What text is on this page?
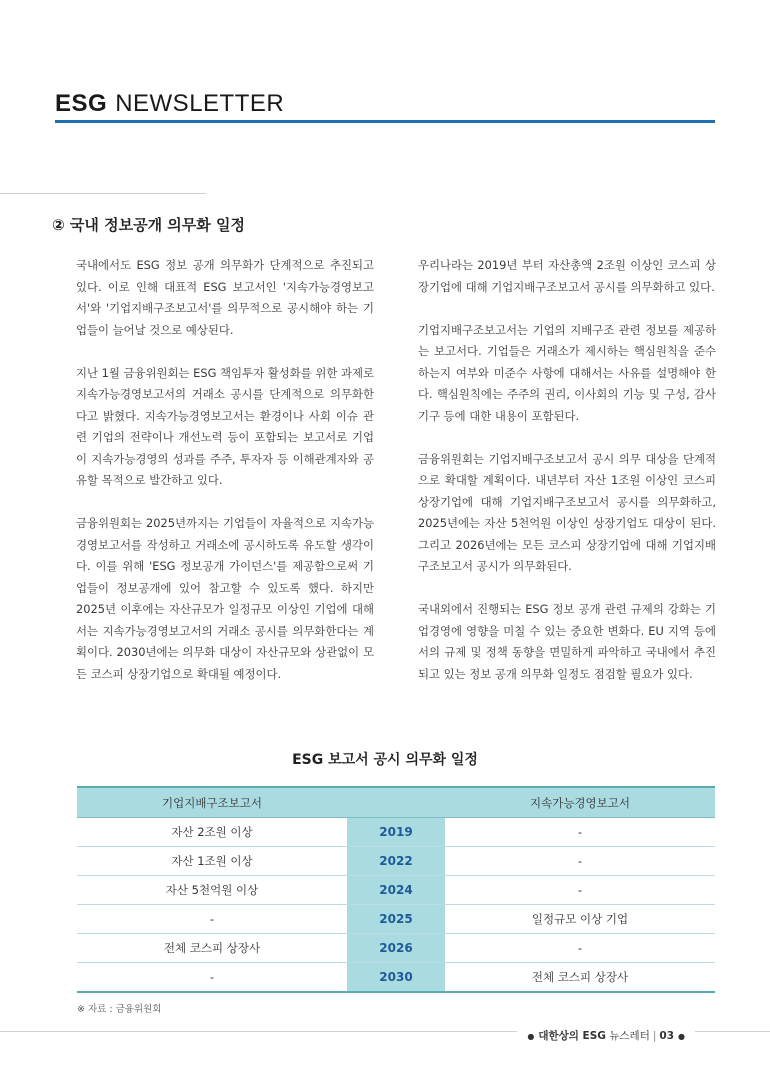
ESG NEWSLETTER
② 국내 정보공개 의무화 일정

국내에서도 ESG 정보 공개 의무화가 단계적으로 추진되고 있다. 이로 인해 대표적 ESG 보고서인 '지속가능경영보고서'와 '기업지배구조보고서'를 의무적으로 공시해야 하는 기업들이 늘어날 것으로 예상된다.

지난 1월 금융위원회는 ESG 책임투자 활성화를 위한 과제로 지속가능경영보고서의 거래소 공시를 단계적으로 의무화한다고 밝혔다. 지속가능경영보고서는 환경이나 사회 이슈 관련 기업의 전략이나 개선노력 등이 포함되는 보고서로 기업이 지속가능경영의 성과를 주주, 투자자 등 이해관계자와 공유할 목적으로 발간하고 있다.

금융위원회는 2025년까지는 기업들이 자율적으로 지속가능경영보고서를 작성하고 거래소에 공시하도록 유도할 생각이다. 이를 위해 'ESG 정보공개 가이던스'를 제공함으로써 기업들이 정보공개에 있어 참고할 수 있도록 했다. 하지만 2025년 이후에는 자산규모가 일정규모 이상인 기업에 대해서는 지속가능경영보고서의 거래소 공시를 의무화한다는 계획이다. 2030년에는 의무화 대상이 자산규모와 상관없이 모든 코스피 상장기업으로 확대될 예정이다.

우리나라는 2019년 부터 자산총액 2조원 이상인 코스피 상장기업에 대해 기업지배구조보고서 공시를 의무화하고 있다.

기업지배구조보고서는 기업의 지배구조 관련 정보를 제공하는 보고서다. 기업들은 거래소가 제시하는 핵심원칙을 준수하는지 여부와 미준수 사항에 대해서는 사유를 설명해야 한다. 핵심원칙에는 주주의 권리, 이사회의 기능 및 구성, 감사기구 등에 대한 내용이 포함된다.

금융위원회는 기업지배구조보고서 공시 의무 대상을 단계적으로 확대할 계획이다. 내년부터 자산 1조원 이상인 코스피 상장기업에 대해 기업지배구조보고서 공시를 의무화하고, 2025년에는 자산 5천억원 이상인 상장기업도 대상이 된다. 그리고 2026년에는 모든 코스피 상장기업에 대해 기업지배구조보고서 공시가 의무화된다.

국내외에서 진행되는 ESG 정보 공개 관련 규제의 강화는 기업경영에 영향을 미칠 수 있는 중요한 변화다. EU 지역 등에서의 규제 및 정책 동향을 면밀하게 파악하고 국내에서 추진되고 있는 정보 공개 의무화 일정도 점검할 필요가 있다.

ESG 보고서 공시 의무화 일정
기업지배구조보고서		지속가능경영보고서
자산 2조원 이상	2019	-
자산 1조원 이상	2022	-
자산 5천억원 이상	2024	-
-	2025	일정규모 이상 기업
전체 코스피 상장사	2026	-
-	2030	전체 코스피 상장사
※ 자료 : 금융위원회
● 대한상의 ESG 뉴스레터 | 03 ●
